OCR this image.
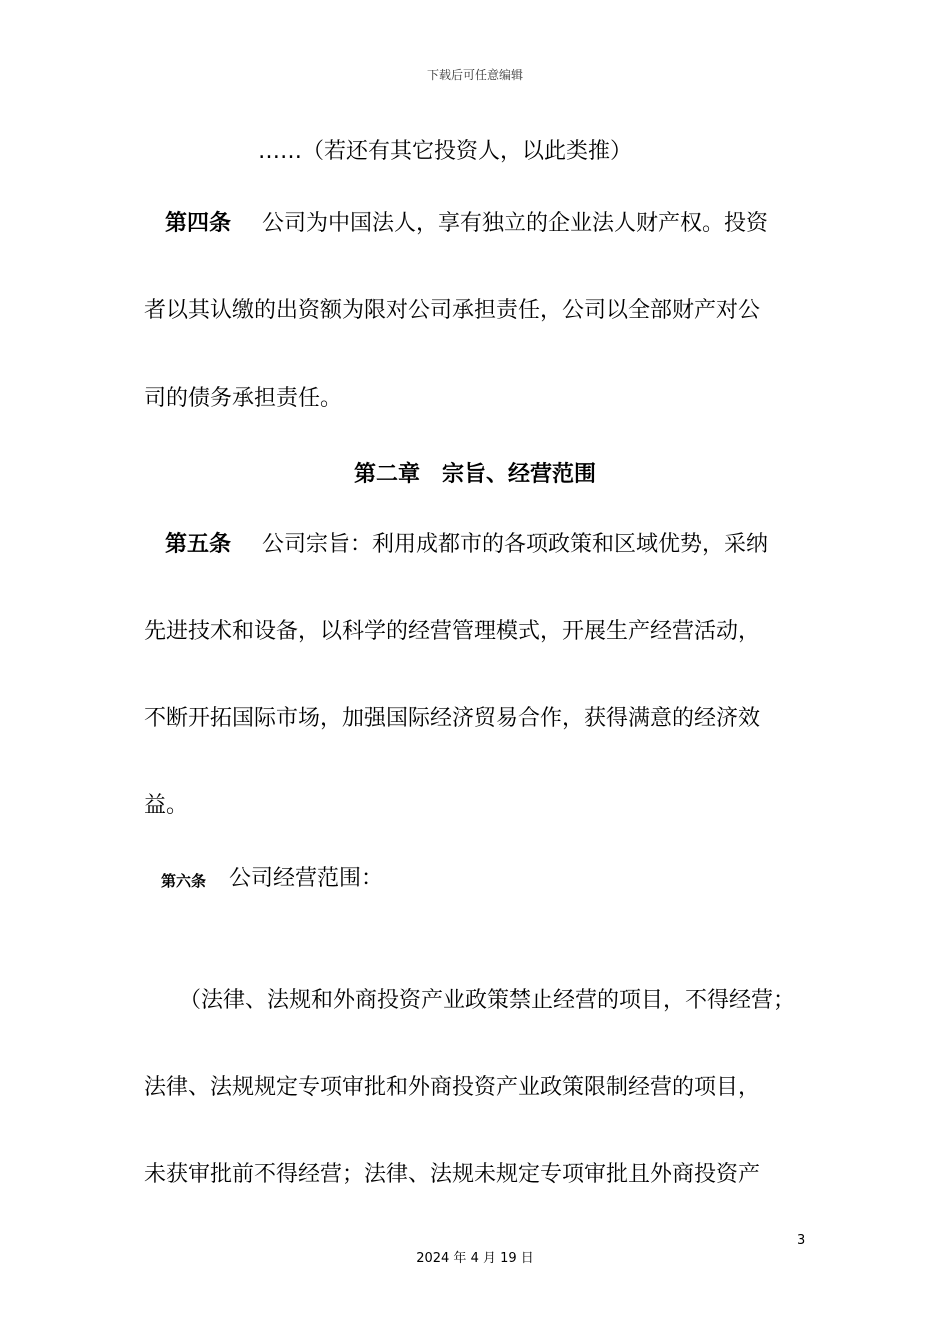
下载后可任意编辑
……（若还有其它投资人，以此类推）
第四条 公司为中国法人，享有独立的企业法人财产权。投资
者以其认缴的出资额为限对公司承担责任，公司以全部财产对公
司的债务承担责任。
第二章　宗旨、经营范围
第五条 公司宗旨：利用成都市的各项政策和区域优势，采纳
先进技术和设备，以科学的经营管理模式，开展生产经营活动，
不断开拓国际市场，加强国际经济贸易合作，获得满意的经济效
益。
第六条 公司经营范围：
（法律、法规和外商投资产业政策禁止经营的项目，不得经营；
法律、法规规定专项审批和外商投资产业政策限制经营的项目，
未获审批前不得经营；法律、法规未规定专项审批且外商投资产
3
2024 年 4 月 19 日
